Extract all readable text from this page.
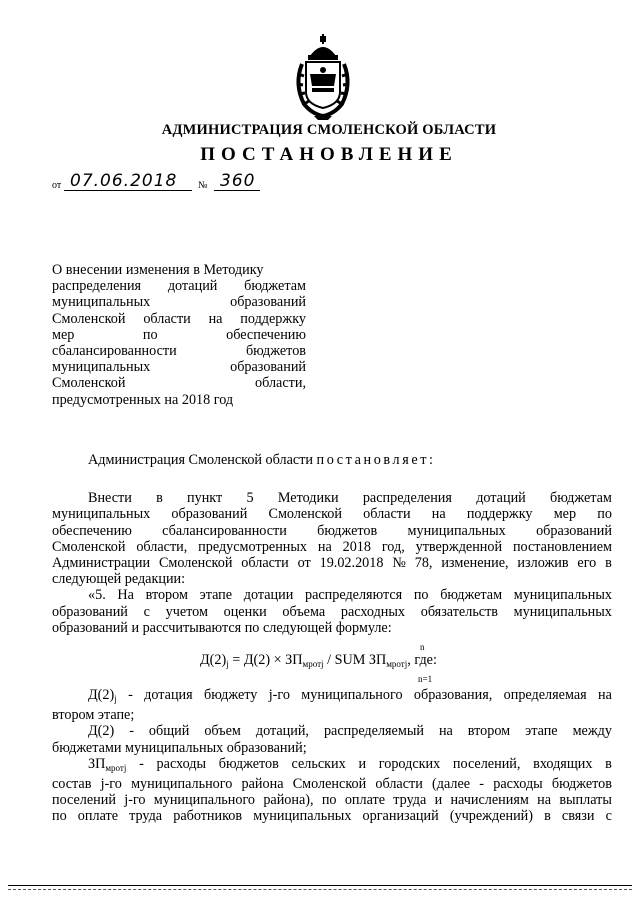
АДМИНИСТРАЦИЯ СМОЛЕНСКОЙ ОБЛАСТИ
ПОСТАНОВЛЕНИЕ
от 07.06.2018 № 360
О внесении изменения в Методику
распределения дотаций бюджетам
муниципальных	образований
Смоленской области на поддержку
мер	по	обеспечению
сбалансированности	бюджетов
муниципальных	образований
Смоленской	области,
предусмотренных на 2018 год
Администрация Смоленской области
постановляет:
Внести в пункт 5 Методики распределения дотаций бюджетам
муниципальных образований Смоленской области на поддержку мер по
обеспечению сбалансированности бюджетов муниципальных образований
Смоленской области, предусмотренных на 2018 год, утвержденной постановлением
Администрации Смоленской области от 19.02.2018 № 78, изменение, изложив его в
следующей редакции:
«5. На втором этапе дотации распределяются по бюджетам муниципальных
образований с учетом оценки объема расходных обязательств муниципальных
образований и рассчитываются по следующей формуле:
n
$Д(2)_j = Д(2) \times ЗП_{мротj}$ / SUM $ЗП_{мротj}$, где:
n=1
$Д(2)_j$ - дотация бюджету j-го муниципального образования, определяемая на
втором этапе;
Д(2) - общий объем дотаций, распределяемый на втором этапе между
бюджетами муниципальных образований;
$ЗП_{мротj}$ - расходы бюджетов сельских и городских поселений, входящих в
состав j-го муниципального района Смоленской области (далее - расходы бюджетов
поселений j-го муниципального района), по оплате труда и начислениям на выплаты
по оплате труда работников муниципальных организаций (учреждений) в связи с
